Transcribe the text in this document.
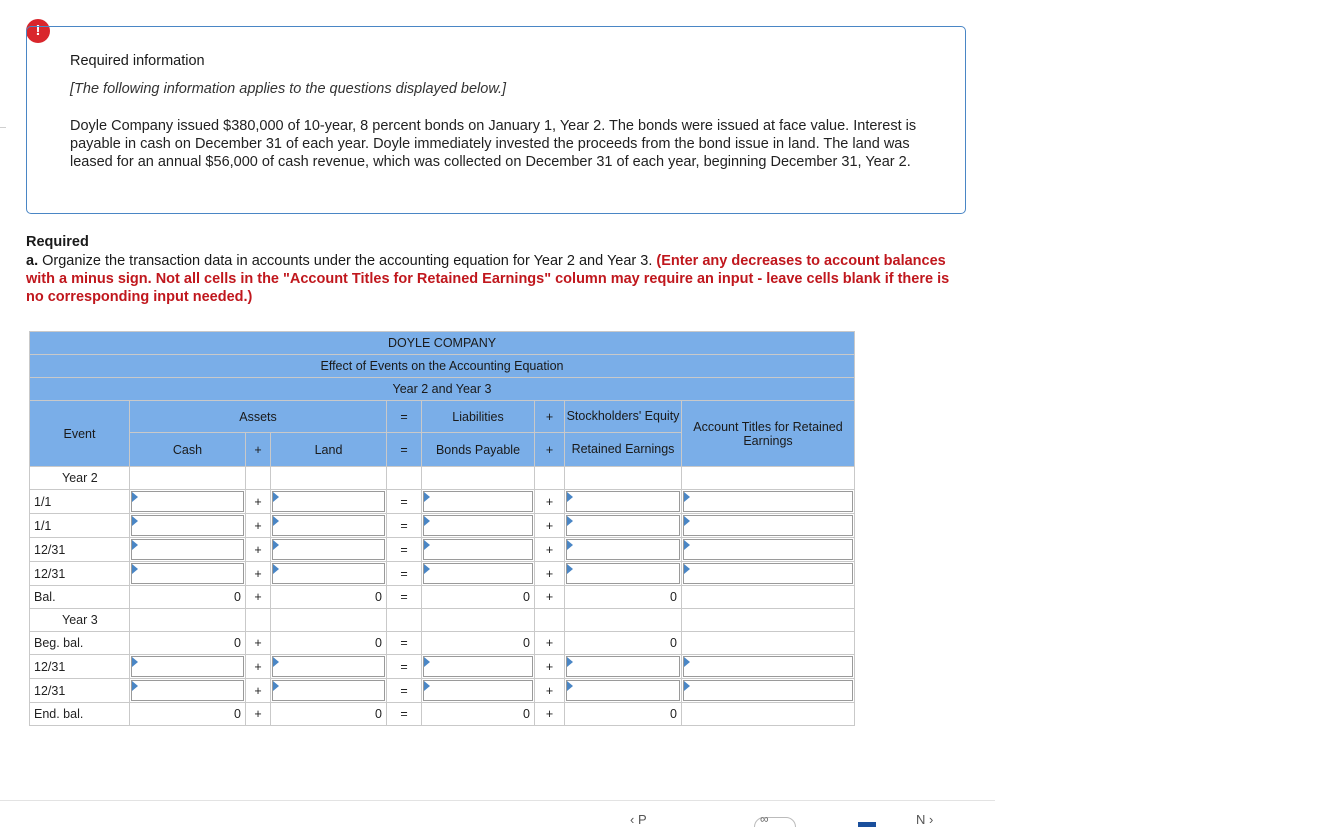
!
Required information
[The following information applies to the questions displayed below.]
Doyle Company issued $380,000 of 10-year, 8 percent bonds on January 1, Year 2. The bonds were issued at face value. Interest is payable in cash on December 31 of each year. Doyle immediately invested the proceeds from the bond issue in land. The land was leased for an annual $56,000 of cash revenue, which was collected on December 31 of each year, beginning December 31, Year 2.
Required
a. Organize the transaction data in accounts under the accounting equation for Year 2 and Year 3. (Enter any decreases to account balances with a minus sign. Not all cells in the "Account Titles for Retained Earnings" column may require an input - leave cells blank if there is no corresponding input needed.)
DOYLE COMPANY								
Effect of Events on the Accounting Equation								
Year 2 and Year 3								
Event	Assets			=	Liabilities	+	Stockholders' Equity	Account Titles for Retained Earnings
	Cash	+	Land	=	Bonds Payable	+	Retained Earnings	
Year 2								
1/1		+		=		+	

1/1		+		=		+	

12/31		+		=		+	

12/31		+		=		+	

Bal.	0	+	0	=	0	+	0	
Year 3								
Beg. bal.	0	+	0	=	0	+	0	
12/31		+		=		+	

12/31		+		=		+	

End. bal.	0	+	0	=	0	+	0	
‹ P	∞	N ›
